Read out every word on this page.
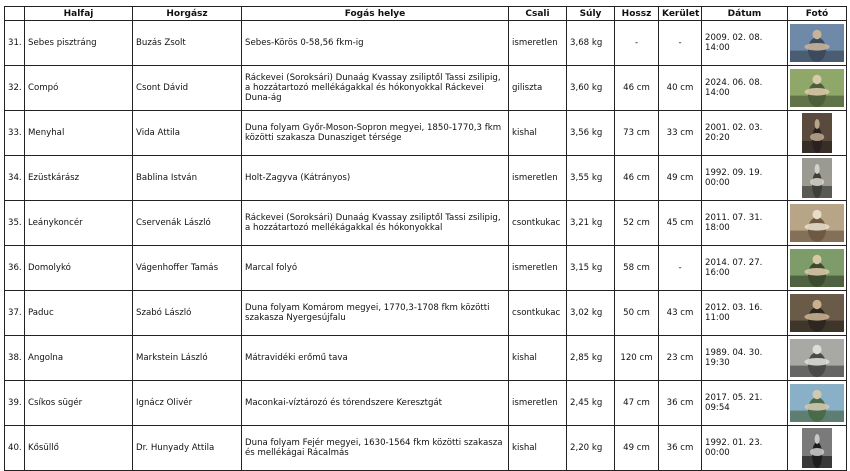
	Halfaj	Horgász	Fogás helye	Csali	Súly	Hossz	Kerület	Dátum	Fotó
31.	Sebes pisztráng	Buzás Zsolt	Sebes-Körös 0-58,56 fkm-ig	ismeretlen	3,68 kg	-	-	2009. 02. 08. 14:00	

32.	Compó	Csont Dávid	Ráckevei (Soroksári) Dunaág Kvassay zsiliptől Tassi zsilipig, a hozzátartozó mellékágakkal és hókonyokkal Ráckevei Duna-ág	giliszta	3,60 kg	46 cm	40 cm	2024. 06. 08. 14:00	

33.	Menyhal	Vida Attila	Duna folyam Győr-Moson-Sopron megyei, 1850-1770,3 fkm közötti szakasza Dunasziget térsége	kishal	3,56 kg	73 cm	33 cm	2001. 02. 03. 20:20	

34.	Ezüstkárász	Bablina István	Holt-Zagyva (Kátrányos)	ismeretlen	3,55 kg	46 cm	49 cm	1992. 09. 19. 00:00	

35.	Leánykoncér	Cservenák László	Ráckevei (Soroksári) Dunaág Kvassay zsiliptől Tassi zsilipig, a hozzátartozó mellékágakkal és hókonyokkal	csontkukac	3,21 kg	52 cm	45 cm	2011. 07. 31. 18:00	

36.	Domolykó	Vágenhoffer Tamás	Marcal folyó	ismeretlen	3,15 kg	58 cm	-	2014. 07. 27. 16:00	

37.	Paduc	Szabó László	Duna folyam Komárom megyei, 1770,3-1708 fkm közötti szakasza Nyergesújfalu	csontkukac	3,02 kg	50 cm	43 cm	2012. 03. 16. 11:00	

38.	Angolna	Markstein László	Mátravidéki erőmű tava	kishal	2,85 kg	120 cm	23 cm	1989. 04. 30. 19:30	

39.	Csíkos sügér	Ignácz Olivér	Maconkai-víztározó és tórendszere Keresztgát	ismeretlen	2,45 kg	47 cm	36 cm	2017. 05. 21. 09:54	

40.	Kősüllő	Dr. Hunyady Attila	Duna folyam Fejér megyei, 1630-1564 fkm közötti szakasza és mellékágai Rácalmás	kishal	2,20 kg	49 cm	36 cm	1992. 01. 23. 00:00	
